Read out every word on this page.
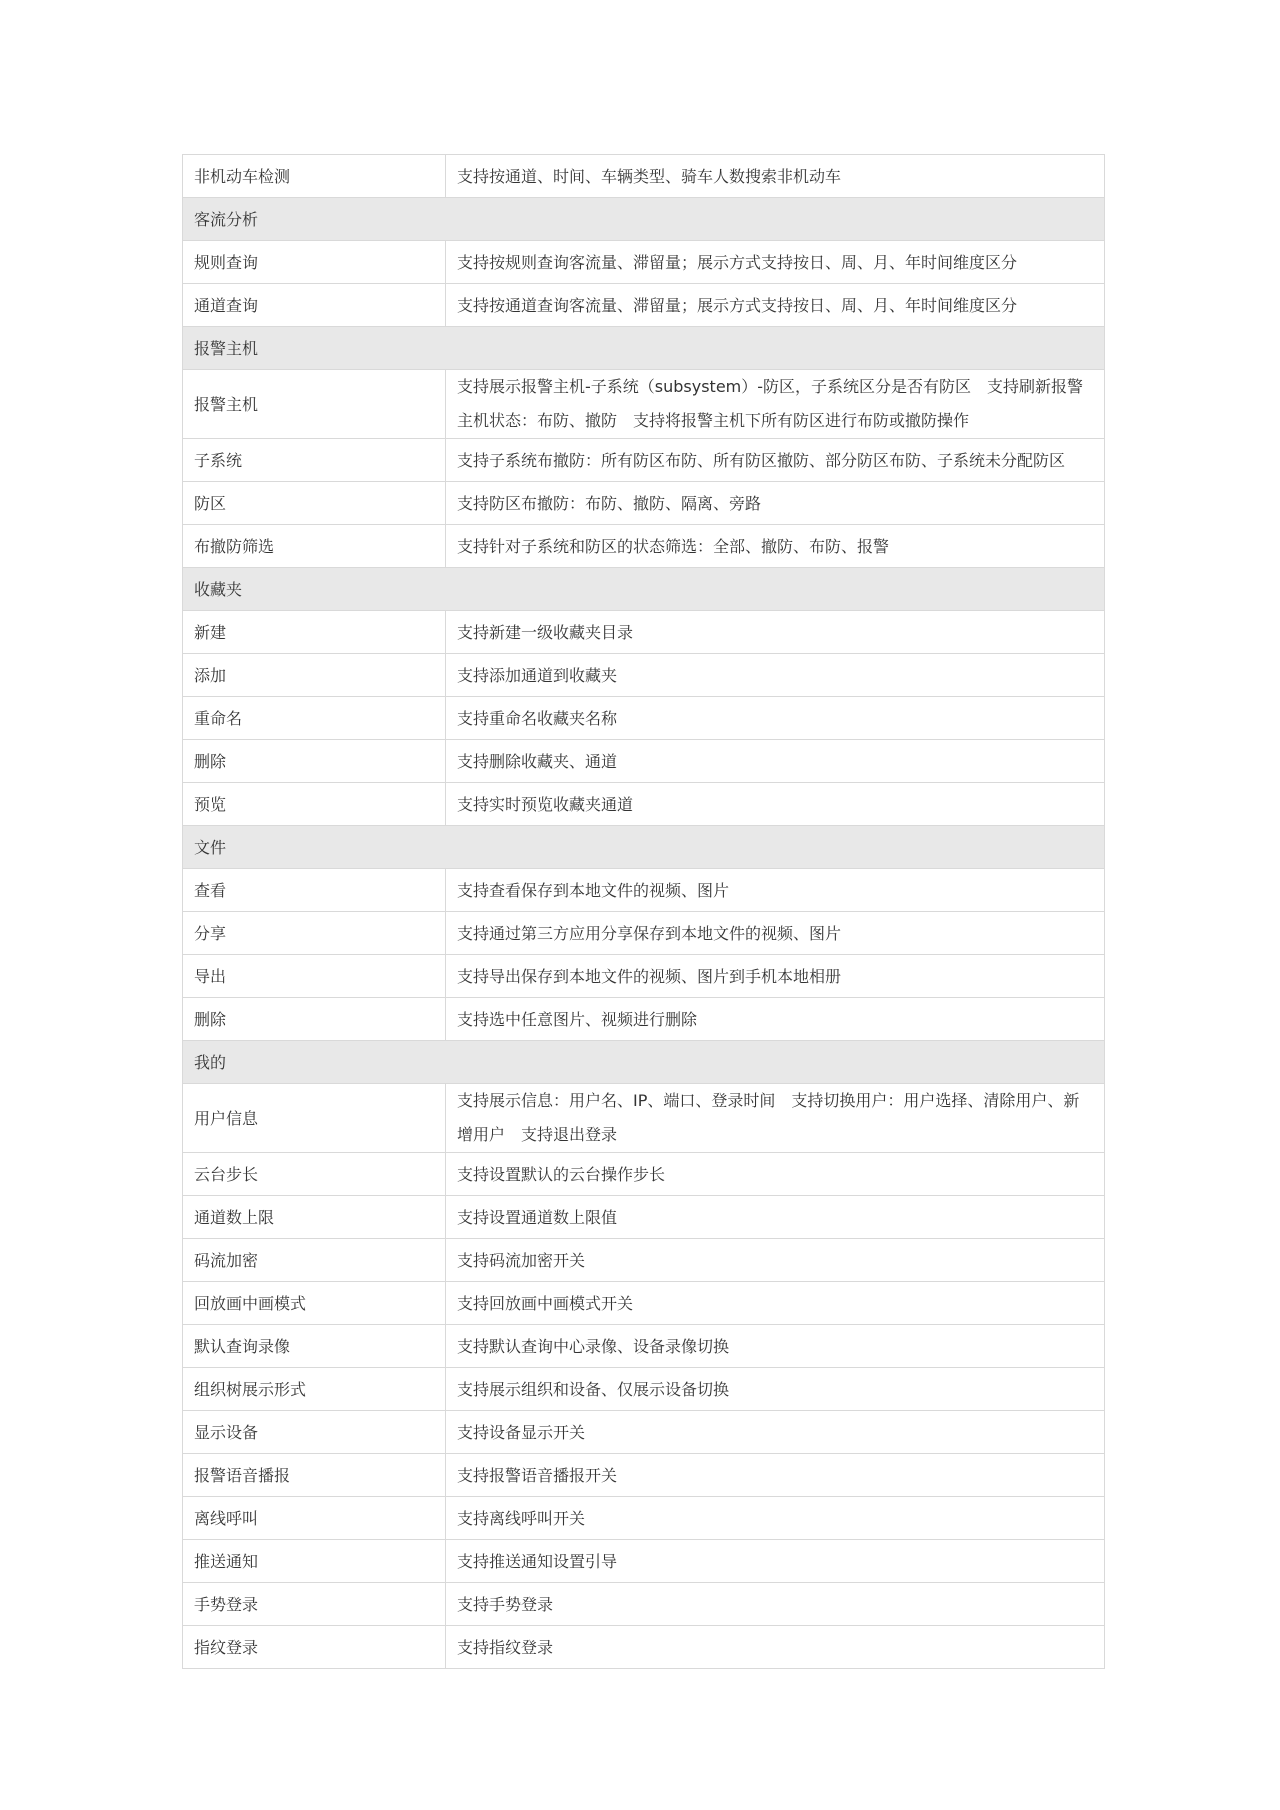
非机动车检测	支持按通道、时间、车辆类型、骑车人数搜索非机动车
客流分析	
规则查询	支持按规则查询客流量、滞留量；展示方式支持按日、周、月、年时间维度区分
通道查询	支持按通道查询客流量、滞留量；展示方式支持按日、周、月、年时间维度区分
报警主机	
报警主机	支持展示报警主机-子系统（subsystem）-防区，子系统区分是否有防区　支持刷新报警主机状态：布防、撤防　支持将报警主机下所有防区进行布防或撤防操作
子系统	支持子系统布撤防：所有防区布防、所有防区撤防、部分防区布防、子系统未分配防区
防区	支持防区布撤防：布防、撤防、隔离、旁路
布撤防筛选	支持针对子系统和防区的状态筛选：全部、撤防、布防、报警
收藏夹	
新建	支持新建一级收藏夹目录
添加	支持添加通道到收藏夹
重命名	支持重命名收藏夹名称
删除	支持删除收藏夹、通道
预览	支持实时预览收藏夹通道
文件	
查看	支持查看保存到本地文件的视频、图片
分享	支持通过第三方应用分享保存到本地文件的视频、图片
导出	支持导出保存到本地文件的视频、图片到手机本地相册
删除	支持选中任意图片、视频进行删除
我的	
用户信息	支持展示信息：用户名、IP、端口、登录时间　支持切换用户：用户选择、清除用户、新增用户　支持退出登录
云台步长	支持设置默认的云台操作步长
通道数上限	支持设置通道数上限值
码流加密	支持码流加密开关
回放画中画模式	支持回放画中画模式开关
默认查询录像	支持默认查询中心录像、设备录像切换
组织树展示形式	支持展示组织和设备、仅展示设备切换
显示设备	支持设备显示开关
报警语音播报	支持报警语音播报开关
离线呼叫	支持离线呼叫开关
推送通知	支持推送通知设置引导
手势登录	支持手势登录
指纹登录	支持指纹登录
